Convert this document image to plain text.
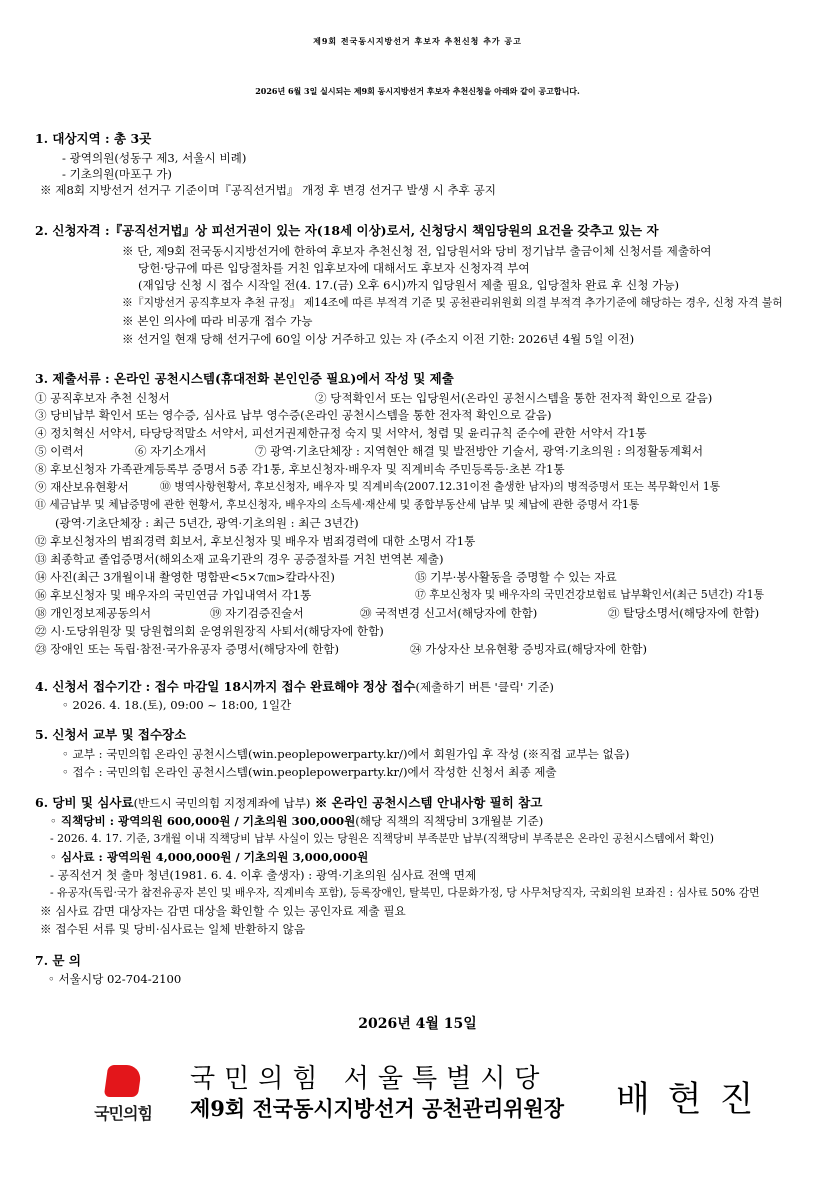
제9회 전국동시지방선거 후보자 추천신청 추가 공고
2026년 6월 3일 실시되는 제9회 동시지방선거 후보자 추천신청을 아래와 같이 공고합니다.
1. 대상지역 : 총 3곳
- 광역의원(성동구 제3, 서울시 비례)
- 기초의원(마포구 가)
※ 제8회 지방선거 선거구 기준이며『공직선거법』 개정 후 변경 선거구 발생 시 추후 공지
2. 신청자격 :『공직선거법』상 피선거권이 있는 자(18세 이상)로서, 신청당시 책임당원의 요건을 갖추고 있는 자
※ 단, 제9회 전국동시지방선거에 한하여 후보자 추천신청 전, 입당원서와 당비 정기납부 출금이체 신청서를 제출하여
당헌·당규에 따른 입당절차를 거친 입후보자에 대해서도 후보자 신청자격 부여
(재입당 신청 시 접수 시작일 전(4. 17.(금) 오후 6시)까지 입당원서 제출 필요, 입당절차 완료 후 신청 가능)
※『지방선거 공직후보자 추천 규정』 제14조에 따른 부적격 기준 및 공천관리위원회 의결 부적격 추가기준에 해당하는 경우, 신청 자격 불허
※ 본인 의사에 따라 비공개 접수 가능
※ 선거일 현재 당해 선거구에 60일 이상 거주하고 있는 자 (주소지 이전 기한: 2026년 4월 5일 이전)
3. 제출서류 : 온라인 공천시스템(휴대전화 본인인증 필요)에서 작성 및 제출
① 공직후보자 추천 신청서	② 당적확인서 또는 입당원서(온라인 공천시스템을 통한 전자적 확인으로 갈음)
③ 당비납부 확인서 또는 영수증, 심사료 납부 영수증(온라인 공천시스템을 통한 전자적 확인으로 갈음)
④ 정치혁신 서약서, 타당당적말소 서약서, 피선거권제한규정 숙지 및 서약서, 청렴 및 윤리규칙 준수에 관한 서약서 각1통
⑤ 이력서	⑥ 자기소개서	⑦ 광역·기초단체장 : 지역현안 해결 및 발전방안 기술서, 광역·기초의원 : 의정활동계획서
⑧ 후보신청자 가족관계등록부 증명서 5종 각1통, 후보신청자·배우자 및 직계비속 주민등록등·초본 각1통
⑨ 재산보유현황서	⑩ 병역사항현황서, 후보신청자, 배우자 및 직계비속(2007.12.31이전 출생한 남자)의 병적증명서 또는 복무확인서 1통
⑪ 세금납부 및 체납증명에 관한 현황서, 후보신청자, 배우자의 소득세·재산세 및 종합부동산세 납부 및 체납에 관한 증명서 각1통
(광역·기초단체장 : 최근 5년간, 광역·기초의원 : 최근 3년간)
⑫ 후보신청자의 범죄경력 회보서, 후보신청자 및 배우자 범죄경력에 대한 소명서 각1통
⑬ 최종학교 졸업증명서(해외소재 교육기관의 경우 공증절차를 거친 번역본 제출)
⑭ 사진(최근 3개월이내 촬영한 명함판<5×7㎝>칼라사진)	⑮ 기부·봉사활동을 증명할 수 있는 자료
⑯ 후보신청자 및 배우자의 국민연금 가입내역서 각1통	⑰ 후보신청자 및 배우자의 국민건강보험료 납부확인서(최근 5년간) 각1통
⑱ 개인정보제공동의서	⑲ 자기검증진술서	⑳ 국적변경 신고서(해당자에 한함)	㉑ 탈당소명서(해당자에 한함)
㉒ 시·도당위원장 및 당원협의회 운영위원장직 사퇴서(해당자에 한함)
㉓ 장애인 또는 독립·참전·국가유공자 증명서(해당자에 한함)	㉔ 가상자산 보유현황 증빙자료(해당자에 한함)
4. 신청서 접수기간 : 접수 마감일 18시까지 접수 완료해야 정상 접수(제출하기 버튼 '클릭' 기준)
◦ 2026. 4. 18.(토), 09:00 ~ 18:00, 1일간
5. 신청서 교부 및 접수장소
◦ 교부 : 국민의힘 온라인 공천시스템(win.peoplepowerparty.kr/)에서 회원가입 후 작성 (※직접 교부는 없음)
◦ 접수 : 국민의힘 온라인 공천시스템(win.peoplepowerparty.kr/)에서 작성한 신청서 최종 제출
6. 당비 및 심사료(반드시 국민의힘 지정계좌에 납부) ※ 온라인 공천시스템 안내사항 필히 참고
◦ 직책당비 : 광역의원 600,000원 / 기초의원 300,000원(해당 직책의 직책당비 3개월분 기준)
- 2026. 4. 17. 기준, 3개월 이내 직책당비 납부 사실이 있는 당원은 직책당비 부족분만 납부(직책당비 부족분은 온라인 공천시스템에서 확인)
◦ 심사료 : 광역의원 4,000,000원 / 기초의원 3,000,000원
- 공직선거 첫 출마 청년(1981. 6. 4. 이후 출생자) : 광역·기초의원 심사료 전액 면제
- 유공자(독립·국가 참전유공자 본인 및 배우자, 직계비속 포함), 등록장애인, 탈북민, 다문화가정, 당 사무처당직자, 국회의원 보좌진 : 심사료 50% 감면
※ 심사료 감면 대상자는 감면 대상을 확인할 수 있는 공인자료 제출 필요
※ 접수된 서류 및 당비·심사료는 일체 반환하지 않음
7. 문 의
◦ 서울시당 02-704-2100
2026년 4월 15일
국민의힘
국민의힘 서울특별시당
제9회 전국동시지방선거 공천관리위원장 배현진
